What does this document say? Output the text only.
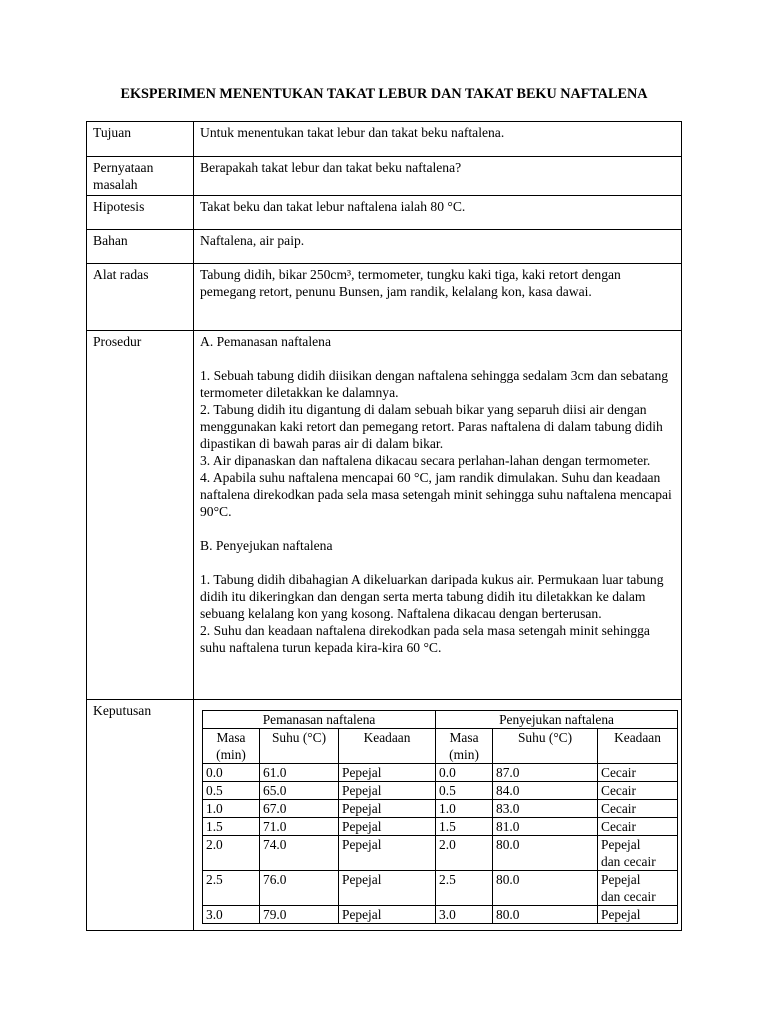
EKSPERIMEN MENENTUKAN TAKAT LEBUR DAN TAKAT BEKU NAFTALENA
Tujuan	Untuk menentukan takat lebur dan takat beku naftalena.

Pernyataan

masalah

	Berapakah takat lebur dan takat beku naftalena?
Hipotesis	Takat beku dan takat lebur naftalena ialah 80 °C.
Bahan	Naftalena, air paip.
Alat radas	Tabung didih, bikar 250cm³, termometer, tungku kaki tiga, kaki retort dengan pemegang retort, penunu Bunsen, jam randik, kelalang kon, kasa dawai.
Prosedur	A. Pemanasan naftalena

1. Sebuah tabung didih diisikan dengan naftalena sehingga sedalam 3cm dan sebatang termometer diletakkan ke dalamnya.

2. Tabung didih itu digantung di dalam sebuah bikar yang separuh diisi air dengan menggunakan kaki retort dan pemegang retort. Paras naftalena di dalam tabung didih dipastikan di bawah paras air di dalam bikar.

3. Air dipanaskan dan naftalena dikacau secara perlahan-lahan dengan termometer.

4. Apabila suhu naftalena mencapai 60 °C, jam randik dimulakan. Suhu dan keadaan naftalena direkodkan pada sela masa setengah minit sehingga suhu naftalena mencapai 90°C.

B. Penyejukan naftalena

1. Tabung didih dibahagian A dikeluarkan daripada kukus air. Permukaan luar tabung didih itu dikeringkan dan dengan serta merta tabung didih itu diletakkan ke dalam sebuang kelalang kon yang kosong. Naftalena dikacau dengan berterusan.

2. Suhu dan keadaan naftalena direkodkan pada sela masa setengah minit sehingga suhu naftalena turun kepada kira-kira 60 °C.

Keputusan	
Pemanasan naftalena	Penyejukan naftalena

Masa

(min)

	Suhu (°C)	Keadaan	Masa

(min)

	Suhu (°C)	Keadaan
0.0	61.0	Pepejal	0.0	87.0	Cecair

0.5	65.0	Pepejal	0.5	84.0	Cecair

1.0	67.0	Pepejal	1.0	83.0	Cecair

1.5	71.0	Pepejal	1.5	81.0	Cecair

2.0	74.0	Pepejal	2.0	80.0	Pepejal

dan cecair

2.5	76.0	Pepejal	2.5	80.0	Pepejal

dan cecair

3.0	79.0	Pepejal	3.0	80.0	Pepejal
